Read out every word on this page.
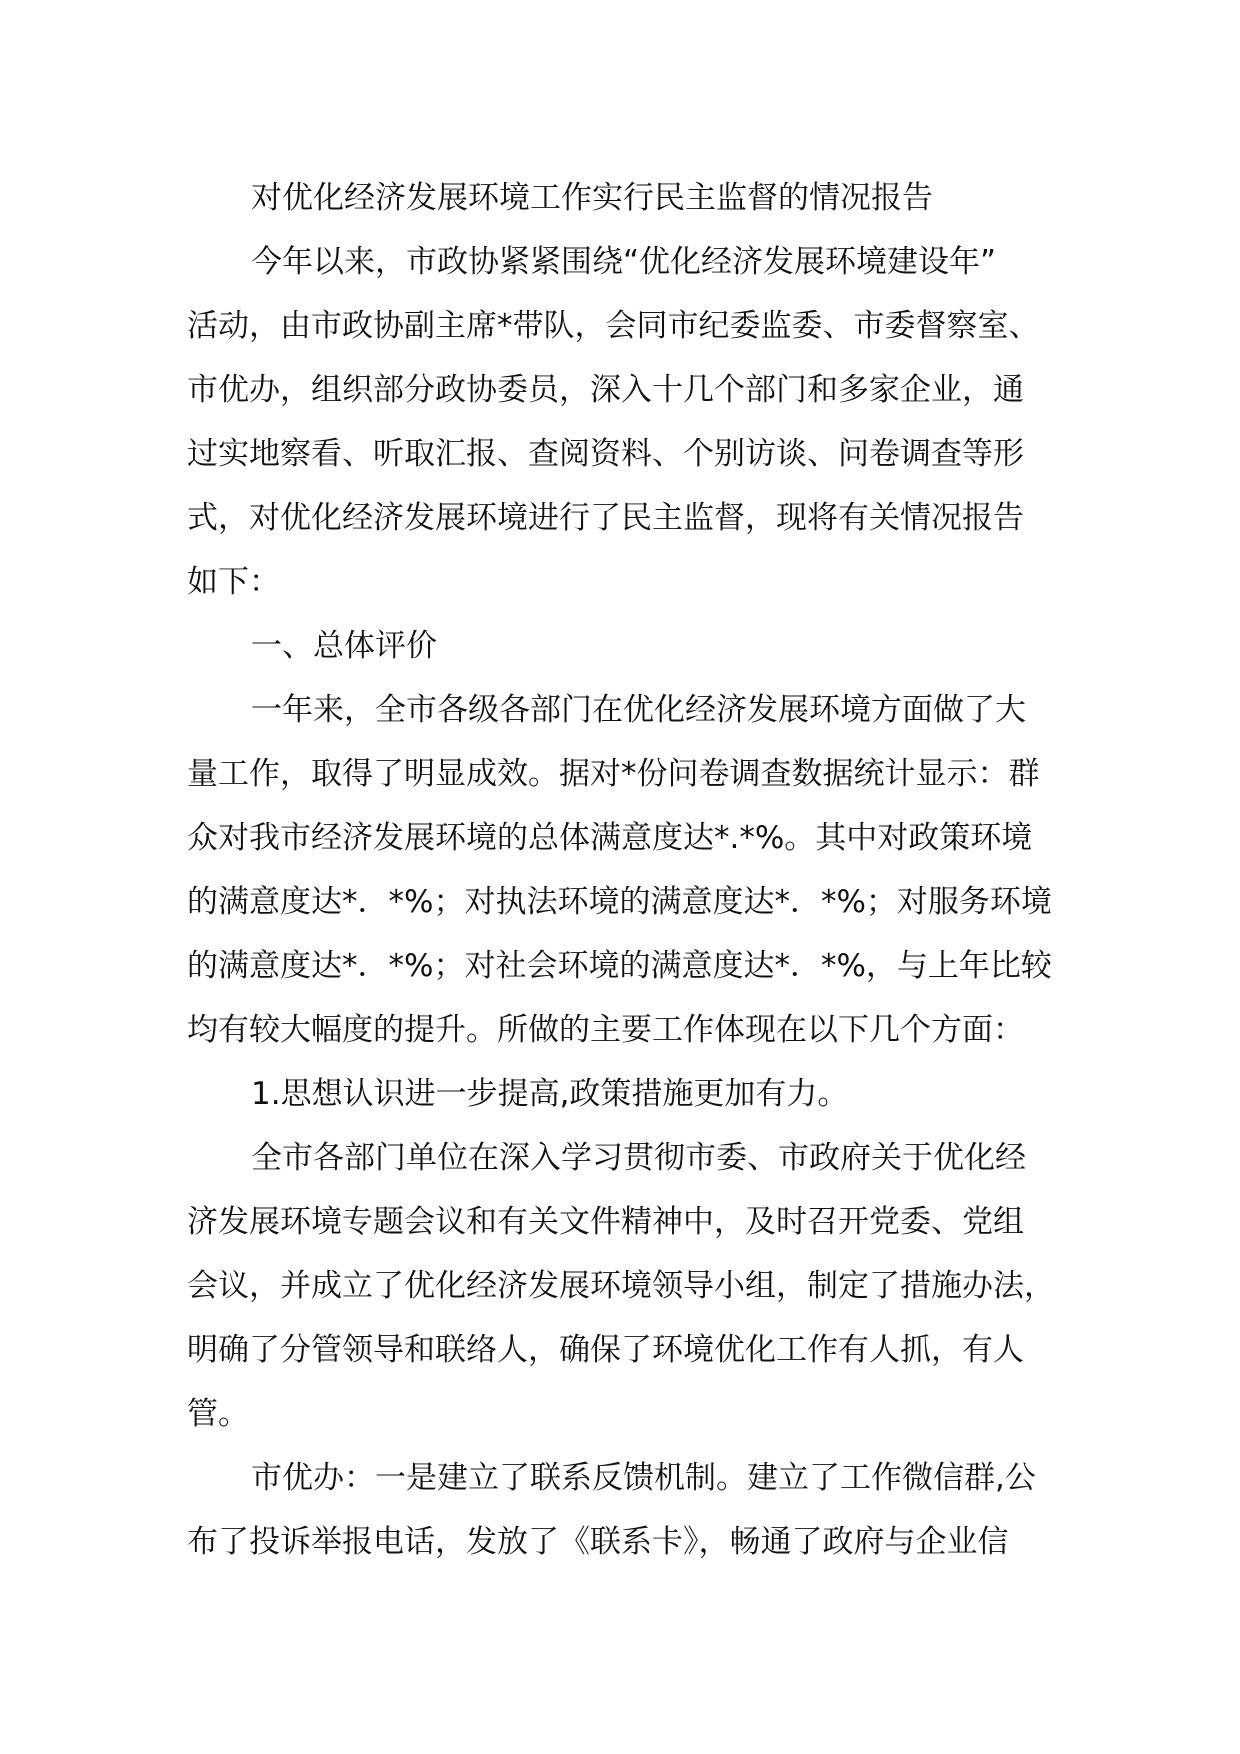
对优化经济发展环境工作实行民主监督的情况报告
今年以来，市政协紧紧围绕“优化经济发展环境建设年”
活动，由市政协副主席*带队，会同市纪委监委、市委督察室、
市优办，组织部分政协委员，深入十几个部门和多家企业，通
过实地察看、听取汇报、查阅资料、个别访谈、问卷调查等形
式，对优化经济发展环境进行了民主监督，现将有关情况报告
如下：
一、总体评价
一年来，全市各级各部门在优化经济发展环境方面做了大
量工作，取得了明显成效。据对*份问卷调查数据统计显示：群
众对我市经济发展环境的总体满意度达*.*%。其中对政策环境
的满意度达*．*%；对执法环境的满意度达*．*%；对服务环境
的满意度达*．*%；对社会环境的满意度达*．*%，与上年比较
均有较大幅度的提升。所做的主要工作体现在以下几个方面：
1.思想认识进一步提高,政策措施更加有力。
全市各部门单位在深入学习贯彻市委、市政府关于优化经
济发展环境专题会议和有关文件精神中，及时召开党委、党组
会议，并成立了优化经济发展环境领导小组，制定了措施办法，
明确了分管领导和联络人，确保了环境优化工作有人抓，有人
管。
市优办：一是建立了联系反馈机制。建立了工作微信群,公
布了投诉举报电话，发放了《联系卡》，畅通了政府与企业信
